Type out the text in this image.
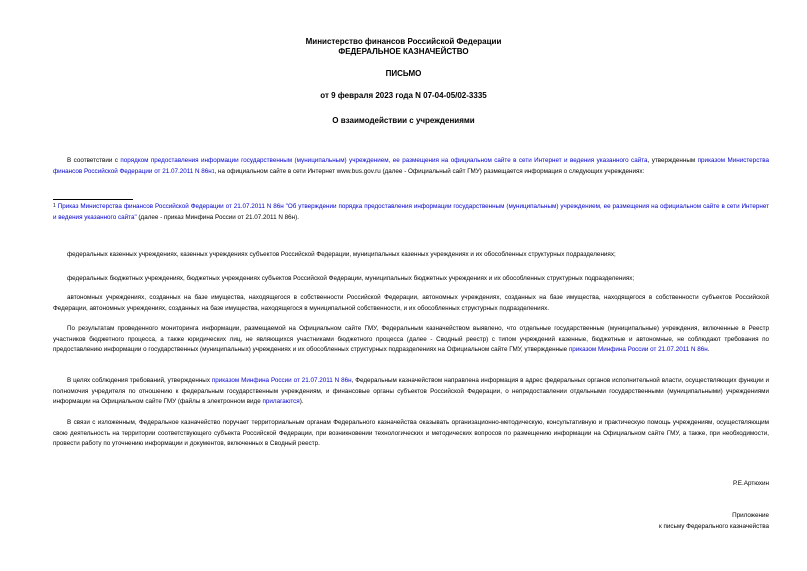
Министерство финансов Российской Федерации
ФЕДЕРАЛЬНОЕ КАЗНАЧЕЙСТВО
ПИСЬМО
от 9 февраля 2023 года N 07-04-05/02-3335
О взаимодействии с учреждениями
В соответствии с порядком предоставления информации государственным (муниципальным) учреждением, ее размещения на официальном сайте в сети Интернет и ведения указанного сайта, утвержденным приказом Министерства финансов Российской Федерации от 21.07.2011 N $86н^1$, на официальном сайте в сети Интернет www.bus.gov.ru (далее - Официальный сайт ГМУ) размещается информация о следующих учреждениях:
$^1$ Приказ Министерства финансов Российской Федерации от 21.07.2011 N 86н "Об утверждении порядка предоставления информации государственным (муниципальным) учреждением, ее размещения на официальном сайте в сети Интернет и ведения указанного сайта" (далее - приказ Минфина России от 21.07.2011 N 86н).
федеральных казенных учреждениях, казенных учреждениях субъектов Российской Федерации, муниципальных казенных учреждениях и их обособленных структурных подразделениях;
федеральных бюджетных учреждениях, бюджетных учреждениях субъектов Российской Федерации, муниципальных бюджетных учреждениях и их обособленных структурных подразделениях;
автономных учреждениях, созданных на базе имущества, находящегося в собственности Российской Федерации, автономных учреждениях, созданных на базе имущества, находящегося в собственности субъектов Российской Федерации, автономных учреждениях, созданных на базе имущества, находящегося в муниципальной собственности, и их обособленных структурных подразделениях.
По результатам проведенного мониторинга информации, размещаемой на Официальном сайте ГМУ, Федеральным казначейством выявлено, что отдельные государственные (муниципальные) учреждения, включенные в Реестр участников бюджетного процесса, а также юридических лиц, не являющихся участниками бюджетного процесса (далее - Сводный реестр) с типом учреждений казенные, бюджетные и автономные, не соблюдают требования по предоставлению информации о государственных (муниципальных) учреждениях и их обособленных структурных подразделениях на Официальном сайте ГМУ, утвержденные приказом Минфина России от 21.07.2011 N 86н.
В целях соблюдения требований, утвержденных приказом Минфина России от 21.07.2011 N 86н, Федеральным казначейством направлена информация в адрес федеральных органов исполнительной власти, осуществляющих функции и полномочия учредителя по отношению к федеральным государственным учреждениям, и финансовые органы субъектов Российской Федерации, о непредоставлении отдельными государственными (муниципальными) учреждениями информации на Официальном сайте ГМУ (файлы в электронном виде прилагаются).
В связи с изложенным, Федеральное казначейство поручает территориальным органам Федерального казначейства оказывать организационно-методическую, консультативную и практическую помощь учреждениям, осуществляющим свою деятельность на территории соответствующего субъекта Российской Федерации, при возникновении технологических и методических вопросов по размещению информации на Официальном сайте ГМУ, а также, при необходимости, провести работу по уточнению информации и документов, включенных в Сводный реестр.
Р.Е.Артюхин
Приложение
к письму Федерального казначейства
